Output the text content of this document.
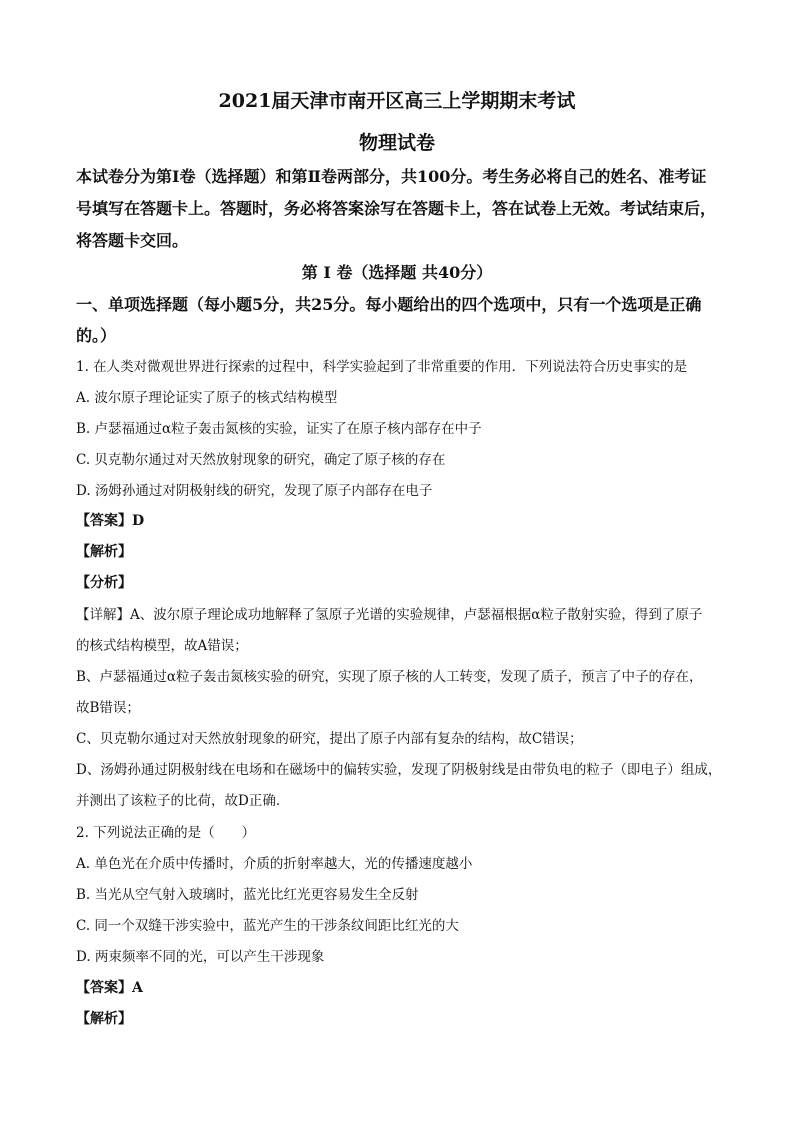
2021届天津市南开区高三上学期期末考试
物理试卷
本试卷分为第Ⅰ卷（选择题）和第Ⅱ卷两部分，共100分。考生务必将自己的姓名、准考证
号填写在答题卡上。答题时，务必将答案涂写在答题卡上，答在试卷上无效。考试结束后，
将答题卡交回。
第 Ⅰ 卷（选择题 共40分）
一、单项选择题（每小题5分，共25分。每小题给出的四个选项中，只有一个选项是正确
的。）
1. 在人类对微观世界进行探索的过程中，科学实验起到了非常重要的作用．下列说法符合历史事实的是
A. 波尔原子理论证实了原子的核式结构模型
B. 卢瑟福通过α粒子轰击氮核的实验，证实了在原子核内部存在中子
C. 贝克勒尔通过对天然放射现象的研究，确定了原子核的存在
D. 汤姆孙通过对阴极射线的研究，发现了原子内部存在电子
【答案】D
【解析】
【分析】
【详解】A、波尔原子理论成功地解释了氢原子光谱的实验规律，卢瑟福根据α粒子散射实验，得到了原子
的核式结构模型，故A错误；
B、卢瑟福通过α粒子轰击氮核实验的研究，实现了原子核的人工转变，发现了质子，预言了中子的存在，
故B错误；
C、贝克勒尔通过对天然放射现象的研究，提出了原子内部有复杂的结构，故C错误；
D、汤姆孙通过阴极射线在电场和在磁场中的偏转实验，发现了阴极射线是由带负电的粒子（即电子）组成，
并测出了该粒子的比荷，故D正确．
2. 下列说法正确的是（　　）
A. 单色光在介质中传播时，介质的折射率越大，光的传播速度越小
B. 当光从空气射入玻璃时，蓝光比红光更容易发生全反射
C. 同一个双缝干涉实验中，蓝光产生的干涉条纹间距比红光的大
D. 两束频率不同的光，可以产生干涉现象
【答案】A
【解析】
